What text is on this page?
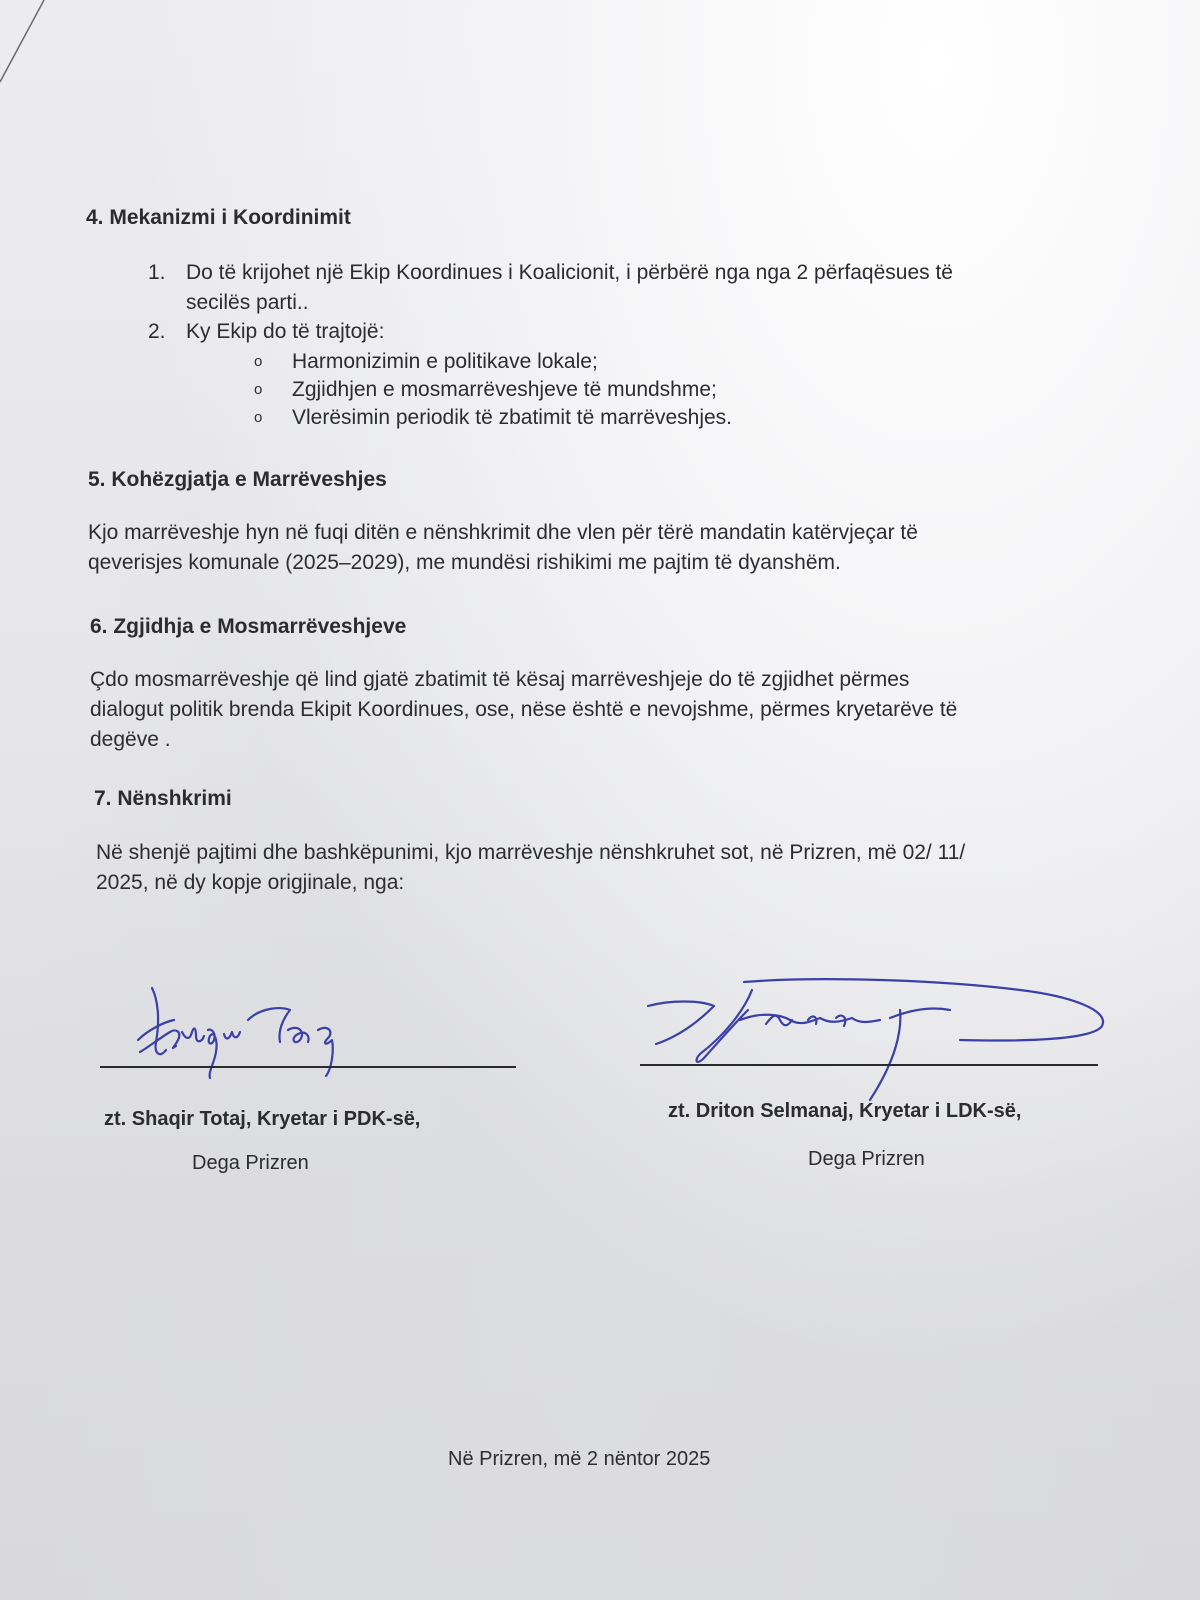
4. Mekanizmi i Koordinimit
1. Do të krijohet një Ekip Koordinues i Koalicionit, i përbërë nga nga 2 përfaqësues të
secilës parti..
2. Ky Ekip do të trajtojë:
o Harmonizimin e politikave lokale;
o Zgjidhjen e mosmarrëveshjeve të mundshme;
o Vlerësimin periodik të zbatimit të marrëveshjes.
5. Kohëzgjatja e Marrëveshjes
Kjo marrëveshje hyn në fuqi ditën e nënshkrimit dhe vlen për tërë mandatin katërvjeçar të
qeverisjes komunale (2025–2029), me mundësi rishikimi me pajtim të dyanshëm.
6. Zgjidhja e Mosmarrëveshjeve
Çdo mosmarrëveshje që lind gjatë zbatimit të kësaj marrëveshjeje do të zgjidhet përmes
dialogut politik brenda Ekipit Koordinues, ose, nëse është e nevojshme, përmes kryetarëve të
degëve .
7. Nënshkrimi
Në shenjë pajtimi dhe bashkëpunimi, kjo marrëveshje nënshkruhet sot, në Prizren, më 02/ 11/
2025, në dy kopje origjinale, nga:
zt. Shaqir Totaj, Kryetar i PDK-së,
Dega Prizren
zt. Driton Selmanaj, Kryetar i LDK-së,
Dega Prizren
Në Prizren, më 2 nëntor 2025
